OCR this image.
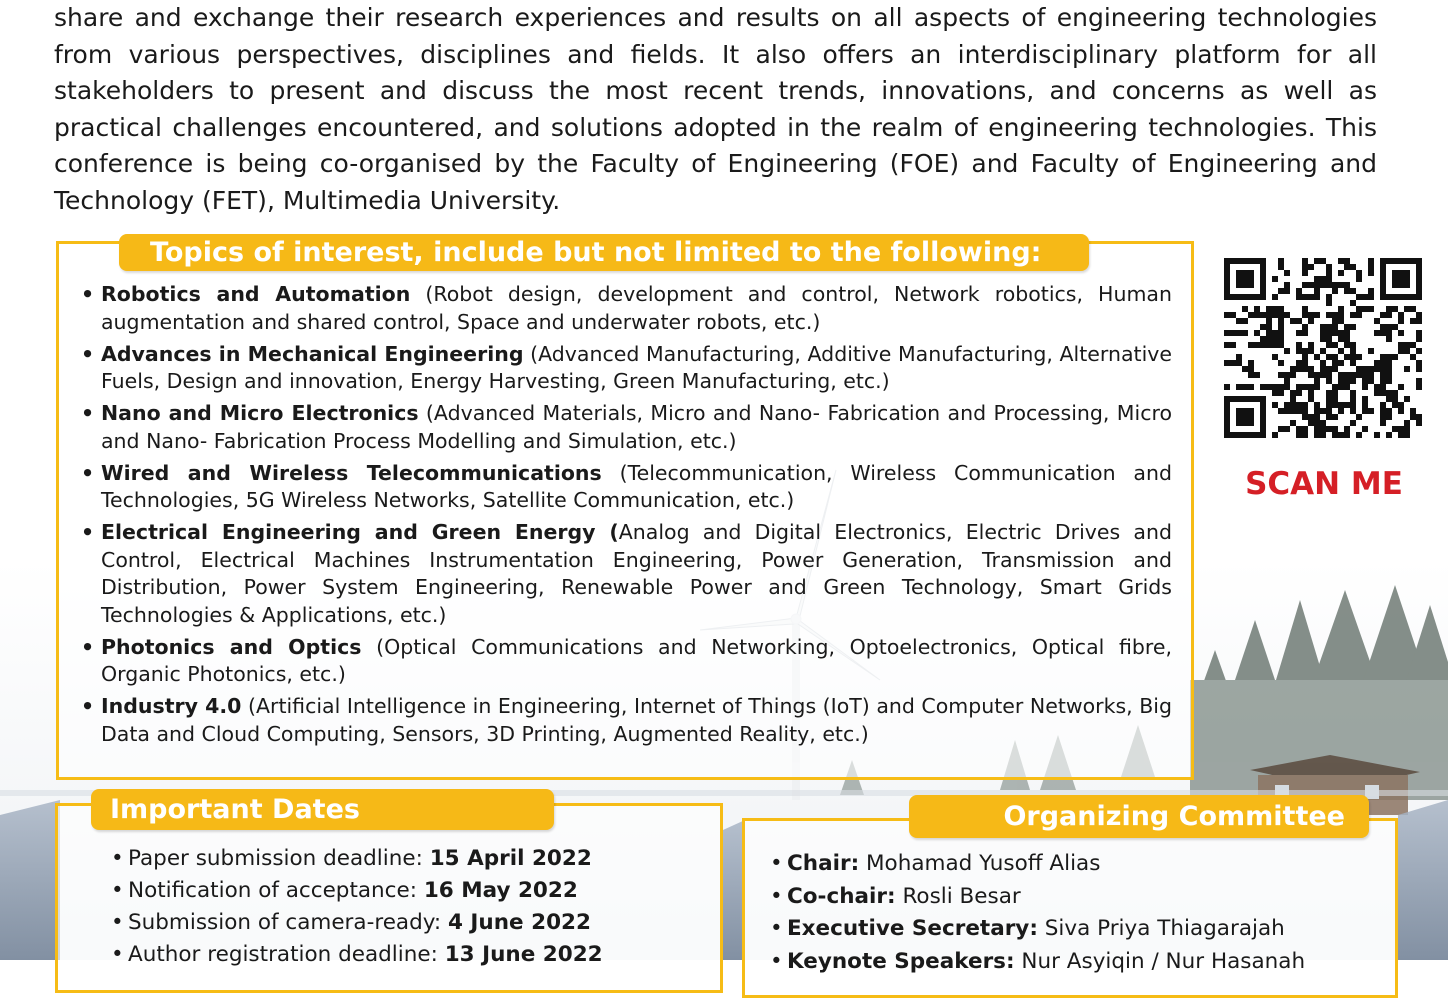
share and exchange their research experiences and results on all aspects of engineering technologies from various perspectives, disciplines and fields. It also offers an interdisciplinary platform for all stakeholders to present and discuss the most recent trends, innovations, and concerns as well as practical challenges encountered, and solutions adopted in the realm of engineering technologies. This conference is being co-organised by the Faculty of Engineering (FOE) and Faculty of Engineering and Technology (FET), Multimedia University.

Topics of interest, include but not limited to the following:
• Robotics and Automation (Robot design, development and control, Network robotics, Human augmentation and shared control, Space and underwater robots, etc.)
• Advances in Mechanical Engineering (Advanced Manufacturing, Additive Manufacturing, Alternative Fuels, Design and innovation, Energy Harvesting, Green Manufacturing, etc.)
• Nano and Micro Electronics (Advanced Materials, Micro and Nano- Fabrication and Processing, Micro and Nano- Fabrication Process Modelling and Simulation, etc.)
• Wired and Wireless Telecommunications (Telecommunication, Wireless Communication and Technologies, 5G Wireless Networks, Satellite Communication, etc.)
• Electrical Engineering and Green Energy (Analog and Digital Electronics, Electric Drives and Control, Electrical Machines Instrumentation Engineering, Power Generation, Transmission and Distribution, Power System Engineering, Renewable Power and Green Technology, Smart Grids Technologies & Applications, etc.)
• Photonics and Optics (Optical Communications and Networking, Optoelectronics, Optical fibre, Organic Photonics, etc.)
• Industry 4.0 (Artificial Intelligence in Engineering, Internet of Things (IoT) and Computer Networks, Big Data and Cloud Computing, Sensors, 3D Printing, Augmented Reality, etc.)
SCAN ME
Important Dates
• Paper submission deadline: 15 April 2022
• Notification of acceptance: 16 May 2022
• Submission of camera-ready: 4 June 2022
• Author registration deadline: 13 June 2022
Organizing Committee
• Chair: Mohamad Yusoff Alias
• Co-chair: Rosli Besar
• Executive Secretary: Siva Priya Thiagarajah
• Keynote Speakers: Nur Asyiqin / Nur Hasanah
